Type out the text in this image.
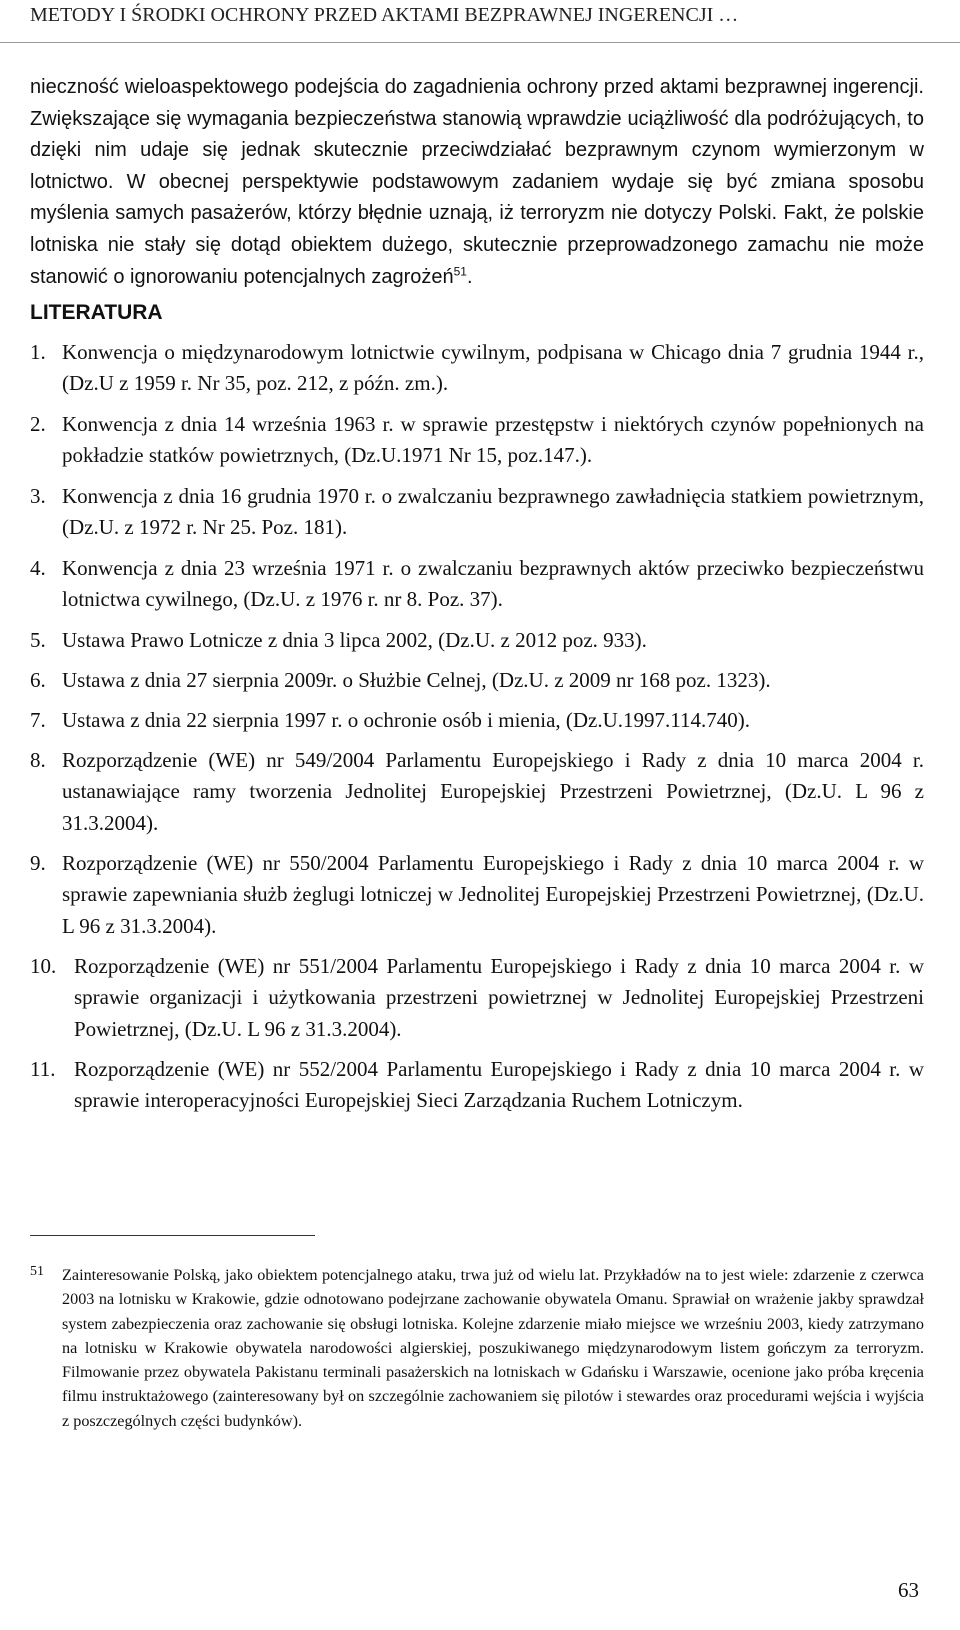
METODY I ŚRODKI OCHRONY PRZED AKTAMI BEZPRAWNEJ INGERENCJI …

nieczność wieloaspektowego podejścia do zagadnienia ochrony przed aktami bezprawnej ingerencji. Zwiększające się wymagania bezpieczeństwa stanowią wprawdzie uciążliwość dla podróżujących, to dzięki nim udaje się jednak skutecznie przeciwdziałać bezprawnym czynom wymierzonym w lotnictwo. W obecnej perspektywie podstawowym zadaniem wydaje się być zmiana sposobu myślenia samych pasażerów, którzy błędnie uznają, iż terroryzm nie dotyczy Polski. Fakt, że polskie lotniska nie stały się dotąd obiektem dużego, skutecznie przeprowadzonego zamachu nie może stanowić o ignorowaniu potencjalnych zagrożeń$^{51}$.

LITERATURA
1. Konwencja o międzynarodowym lotnictwie cywilnym, podpisana w Chicago dnia 7 grudnia 1944 r., (Dz.U z 1959 r. Nr 35, poz. 212, z późn. zm.).
2. Konwencja z dnia 14 września 1963 r. w sprawie przestępstw i niektórych czynów popełnionych na pokładzie statków powietrznych, (Dz.U.1971 Nr 15, poz.147.).
3. Konwencja z dnia 16 grudnia 1970 r. o zwalczaniu bezprawnego zawładnięcia statkiem powietrznym, (Dz.U. z 1972 r. Nr 25. Poz. 181).
4. Konwencja z dnia 23 września 1971 r. o zwalczaniu bezprawnych aktów przeciwko bezpieczeństwu lotnictwa cywilnego, (Dz.U. z 1976 r. nr 8. Poz. 37).
5. Ustawa Prawo Lotnicze z dnia 3 lipca 2002, (Dz.U. z 2012 poz. 933).
6. Ustawa z dnia 27 sierpnia 2009r. o Służbie Celnej, (Dz.U. z 2009 nr 168 poz. 1323).
7. Ustawa z dnia 22 sierpnia 1997 r. o ochronie osób i mienia, (Dz.U.1997.114.740).
8. Rozporządzenie (WE) nr 549/2004 Parlamentu Europejskiego i Rady z dnia 10 marca 2004 r. ustanawiające ramy tworzenia Jednolitej Europejskiej Przestrzeni Powietrznej, (Dz.U. L 96 z 31.3.2004).
9. Rozporządzenie (WE) nr 550/2004 Parlamentu Europejskiego i Rady z dnia 10 marca 2004 r. w sprawie zapewniania służb żeglugi lotniczej w Jednolitej Europejskiej Przestrzeni Powietrznej, (Dz.U. L 96 z 31.3.2004).
10. Rozporządzenie (WE) nr 551/2004 Parlamentu Europejskiego i Rady z dnia 10 marca 2004 r. w sprawie organizacji i użytkowania przestrzeni powietrznej w Jednolitej Europejskiej Przestrzeni Powietrznej, (Dz.U. L 96 z 31.3.2004).
11. Rozporządzenie (WE) nr 552/2004 Parlamentu Europejskiego i Rady z dnia 10 marca 2004 r. w sprawie interoperacyjności Europejskiej Sieci Zarządzania Ruchem Lotniczym.
51	Zainteresowanie Polską, jako obiektem potencjalnego ataku, trwa już od wielu lat. Przykładów na to jest wiele: zdarzenie z czerwca 2003 na lotnisku w Krakowie, gdzie odnotowano podejrzane zachowanie obywatela Omanu. Sprawiał on wrażenie jakby sprawdzał system zabezpieczenia oraz zachowanie się obsługi lotniska. Kolejne zdarzenie miało miejsce we wrześniu 2003, kiedy zatrzymano na lotnisku w Krakowie obywatela narodowości algierskiej, poszukiwanego międzynarodowym listem gończym za terroryzm. Filmowanie przez obywatela Pakistanu terminali pasażerskich na lotniskach w Gdańsku i Warszawie, ocenione jako próba kręcenia filmu instruktażowego (zainteresowany był on szczególnie zachowaniem się pilotów i stewardes oraz procedurami wejścia i wyjścia z poszczególnych części budynków).
63
